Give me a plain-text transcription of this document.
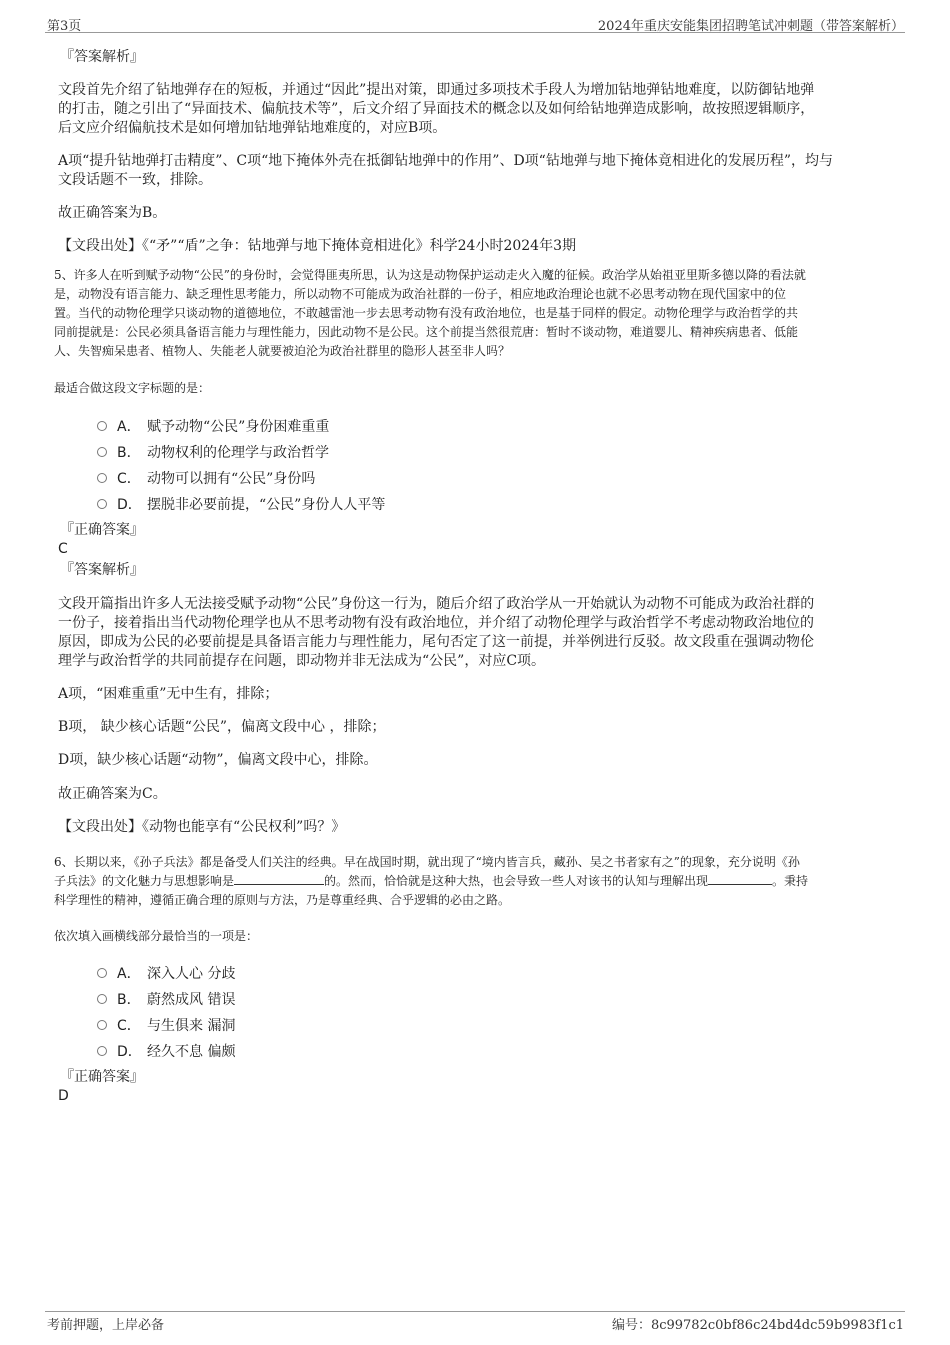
第3页	2024年重庆安能集团招聘笔试冲刺题（带答案解析）
『答案解析』
文段首先介绍了钻地弹存在的短板，并通过“因此”提出对策，即通过多项技术手段人为增加钻地弹钻地难度，以防御钻地弹
的打击，随之引出了“异面技术、偏航技术等”，后文介绍了异面技术的概念以及如何给钻地弹造成影响，故按照逻辑顺序，
后文应介绍偏航技术是如何增加钻地弹钻地难度的，对应B项。
A项“提升钻地弹打击精度”、C项“地下掩体外壳在抵御钻地弹中的作用”、D项“钻地弹与地下掩体竟相进化的发展历程”，均与
文段话题不一致，排除。
故正确答案为B。
【文段出处】《“矛”“盾”之争：钻地弹与地下掩体竟相进化》科学24小时2024年3期
5、许多人在听到赋予动物“公民”的身份时，会觉得匪夷所思，认为这是动物保护运动走火入魔的征候。政治学从始祖亚里斯多德以降的看法就
是，动物没有语言能力、缺乏理性思考能力，所以动物不可能成为政治社群的一份子，相应地政治理论也就不必思考动物在现代国家中的位
置。当代的动物伦理学只谈动物的道德地位，不敢越雷池一步去思考动物有没有政治地位，也是基于同样的假定。动物伦理学与政治哲学的共
同前提就是：公民必须具备语言能力与理性能力，因此动物不是公民。这个前提当然很荒唐：暂时不谈动物，难道婴儿、精神疾病患者、低能
人、失智痴呆患者、植物人、失能老人就要被迫沦为政治社群里的隐形人甚至非人吗？
最适合做这段文字标题的是：
A． 赋予动物“公民”身份困难重重
B． 动物权利的伦理学与政治哲学
C． 动物可以拥有“公民”身份吗
D． 摆脱非必要前提，“公民”身份人人平等
『正确答案』
C
『答案解析』
文段开篇指出许多人无法接受赋予动物“公民”身份这一行为，随后介绍了政治学从一开始就认为动物不可能成为政治社群的
一份子，接着指出当代动物伦理学也从不思考动物有没有政治地位，并介绍了动物伦理学与政治哲学不考虑动物政治地位的
原因，即成为公民的必要前提是具备语言能力与理性能力，尾句否定了这一前提，并举例进行反驳。故文段重在强调动物伦
理学与政治哲学的共同前提存在问题，即动物并非无法成为“公民”，对应C项。
A项，“困难重重”无中生有，排除；
B项， 缺少核心话题“公民”，偏离文段中心 ，排除；
D项，缺少核心话题“动物”，偏离文段中心，排除。
故正确答案为C。
【文段出处】《动物也能享有“公民权利”吗？》
6、长期以来，《孙子兵法》都是备受人们关注的经典。早在战国时期，就出现了“境内皆言兵，藏孙、吴之书者家有之”的现象，充分说明《孙
子兵法》的文化魅力与思想影响是	的。然而，恰恰就是这种大热，也会导致一些人对该书的认知与理解出现	。秉持
科学理性的精神，遵循正确合理的原则与方法，乃是尊重经典、合乎逻辑的必由之路。
依次填入画横线部分最恰当的一项是：
A． 深入人心 分歧
B． 蔚然成风 错误
C． 与生俱来 漏洞
D． 经久不息 偏颇
『正确答案』
D
考前押题，上岸必备	编号：8c99782c0bf86c24bd4dc59b9983f1c1
